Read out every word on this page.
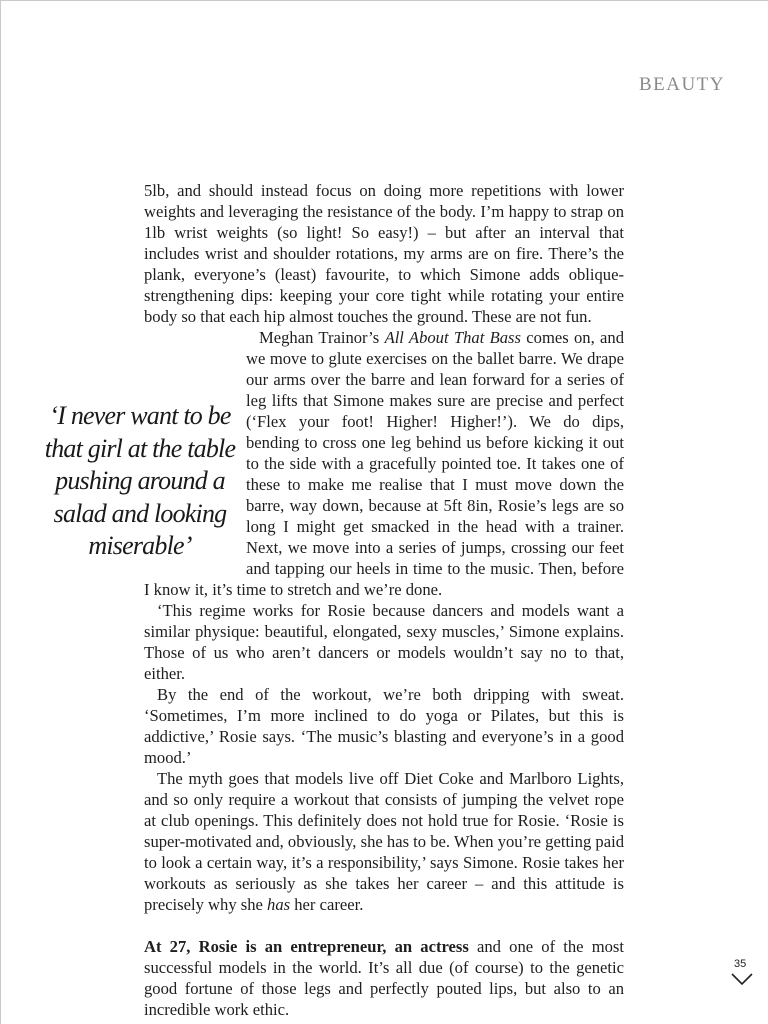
BEAUTY

5lb, and should instead focus on doing more repetitions with lower weights and leveraging the resistance of the body. I’m happy to strap on 1lb wrist weights (so light! So easy!) – but after an interval that includes wrist and shoulder rotations, my arms are on fire. There’s the plank, everyone’s (least) favourite, to which Simone adds oblique-strengthening dips: keeping your core tight while rotating your entire body so that each hip almost touches the ground. These are not fun.

Meghan Trainor’s All About That Bass comes on, and we move to glute exercises on the ballet barre. We drape our arms over the barre and lean forward for a series of leg lifts that Simone makes sure are precise and perfect (‘Flex your foot! Higher! Higher!’). We do dips, bending to cross one leg behind us before kicking it out to the side with a gracefully pointed toe. It takes one of these to make me realise that I must move down the barre, way down, because at 5ft 8in, Rosie’s legs are so long I might get smacked in the head with a trainer. Next, we move into a series of jumps, crossing our feet and tapping our heels in time to the music. Then, before I know it, it’s time to stretch and we’re done.

‘This regime works for Rosie because dancers and models want a similar physique: beautiful, elongated, sexy muscles,’ Simone explains. Those of us who aren’t dancers or models wouldn’t say no to that, either.

By the end of the workout, we’re both dripping with sweat. ‘Sometimes, I’m more inclined to do yoga or Pilates, but this is addictive,’ Rosie says. ‘The music’s blasting and everyone’s in a good mood.’

The myth goes that models live off Diet Coke and Marlboro Lights, and so only require a workout that consists of jumping the velvet rope at club openings. This definitely does not hold true for Rosie. ‘Rosie is super-motivated and, obviously, she has to be. When you’re getting paid to look a certain way, it’s a responsibility,’ says Simone. Rosie takes her workouts as seriously as she takes her career – and this attitude is precisely why she has her career.

At 27, Rosie is an entrepreneur, an actress and one of the most successful models in the world. It’s all due (of course) to the genetic good fortune of those legs and perfectly pouted lips, but also to an incredible work ethic.

‘I never want to be that girl at the table pushing around a salad and looking miserable’
35
